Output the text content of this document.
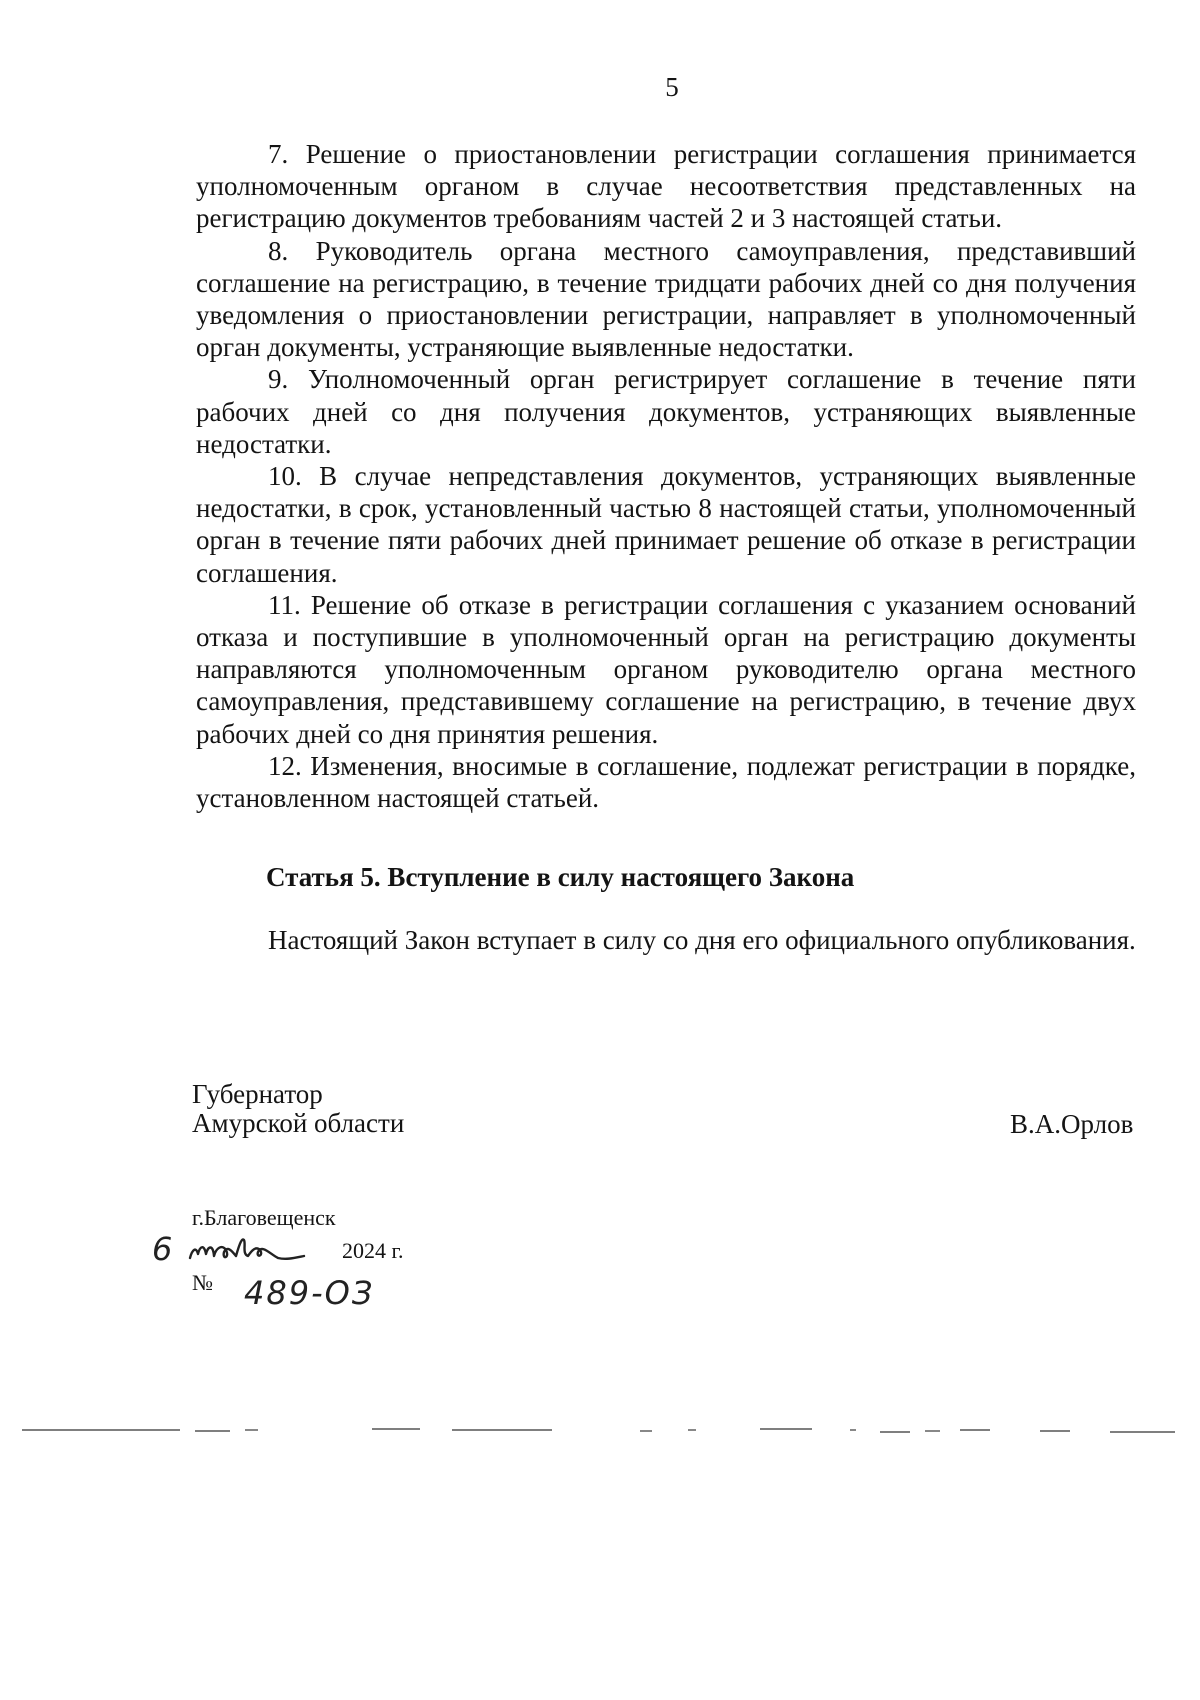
5

7. Решение о приостановлении регистрации соглашения принимается уполномоченным органом в случае несоответствия представленных на регистрацию документов требованиям частей 2 и 3 настоящей статьи.

8. Руководитель органа местного самоуправления, представивший соглашение на регистрацию, в течение тридцати рабочих дней со дня получения уведомления о приостановлении регистрации, направляет в уполномоченный орган документы, устраняющие выявленные недостатки.

9. Уполномоченный орган регистрирует соглашение в течение пяти рабочих дней со дня получения документов, устраняющих выявленные недостатки.

10. В случае непредставления документов, устраняющих выявленные недостатки, в срок, установленный частью 8 настоящей статьи, уполномоченный орган в течение пяти рабочих дней принимает решение об отказе в регистрации соглашения.

11. Решение об отказе в регистрации соглашения с указанием оснований отказа и поступившие в уполномоченный орган на регистрацию документы направляются уполномоченным органом руководителю органа местного самоуправления, представившему соглашение на регистрацию, в течение двух рабочих дней со дня принятия решения.

12. Изменения, вносимые в соглашение, подлежат регистрации в порядке, установленном настоящей статьей.

Статья 5. Вступление в силу настоящего Закона

Настоящий Закон вступает в силу со дня его официального опубликования.

Губернатор
Амурской области	В.А.Орлов
г.Благовещенск
6	2024 г.
№ 489-ОЗ
